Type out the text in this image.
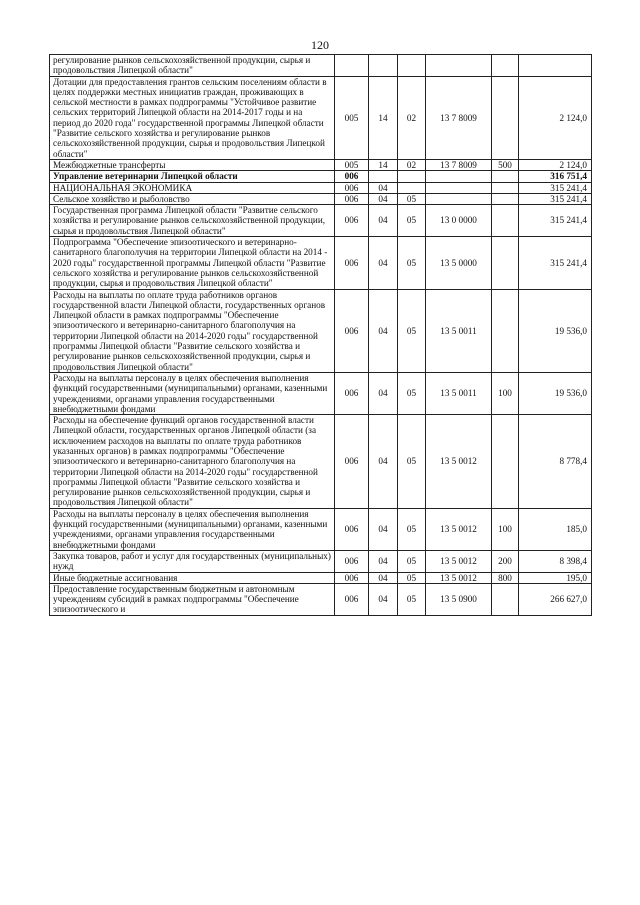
120
регулирование рынков сельскохозяйственной продукции, сырья и продовольствия Липецкой области"						
Дотации для предоставления грантов сельским поселениям области в целях поддержки местных инициатив граждан, проживающих в сельской местности в рамках подпрограммы "Устойчивое развитие сельских территорий Липецкой области на 2014-2017 годы и на период до 2020 года" государственной программы Липецкой области "Развитие сельского хозяйства и регулирование рынков сельскохозяйственной продукции, сырья и продовольствия Липецкой области"	005	14	02	13 7 8009		2 124,0
Межбюджетные трансферты	005	14	02	13 7 8009	500	2 124,0
Управление ветеринарии Липецкой области	006					316 751,4
НАЦИОНАЛЬНАЯ ЭКОНОМИКА	006	04				315 241,4
Сельское хозяйство и рыболовство	006	04	05			315 241,4
Государственная программа Липецкой области "Развитие сельского хозяйства и регулирование рынков сельскохозяйственной продукции, сырья и продовольствия Липецкой области"	006	04	05	13 0 0000		315 241,4
Подпрограмма "Обеспечение эпизоотического и ветеринарно-санитарного благополучия на территории Липецкой области на 2014 - 2020 годы" государственной программы Липецкой области "Развитие сельского хозяйства и регулирование рынков сельскохозяйственной продукции, сырья и продовольствия Липецкой области"	006	04	05	13 5 0000		315 241,4
Расходы на выплаты по оплате труда работников органов государственной власти Липецкой области, государственных органов Липецкой области в рамках подпрограммы "Обеспечение эпизоотического и ветеринарно-санитарного благополучия на территории Липецкой области на 2014-2020 годы" государственной программы Липецкой области "Развитие сельского хозяйства и регулирование рынков сельскохозяйственной продукции, сырья и продовольствия Липецкой области"	006	04	05	13 5 0011		19 536,0
Расходы на выплаты персоналу в целях обеспечения выполнения функций государственными (муниципальными) органами, казенными учреждениями, органами управления государственными внебюджетными фондами	006	04	05	13 5 0011	100	19 536,0
Расходы на обеспечение функций органов государственной власти Липецкой области, государственных органов Липецкой области (за исключением расходов на выплаты по оплате труда работников указанных органов) в рамках подпрограммы "Обеспечение эпизоотического и ветеринарно-санитарного благополучия на территории Липецкой области на 2014-2020 годы" государственной программы Липецкой области "Развитие сельского хозяйства и регулирование рынков сельскохозяйственной продукции, сырья и продовольствия Липецкой области"	006	04	05	13 5 0012		8 778,4
Расходы на выплаты персоналу в целях обеспечения выполнения функций государственными (муниципальными) органами, казенными учреждениями, органами управления государственными внебюджетными фондами	006	04	05	13 5 0012	100	185,0
Закупка товаров, работ и услуг для государственных (муниципальных) нужд	006	04	05	13 5 0012	200	8 398,4
Иные бюджетные ассигнования	006	04	05	13 5 0012	800	195,0
Предоставление государственным бюджетным и автономным учреждениям субсидий в рамках подпрограммы "Обеспечение эпизоотического и	006	04	05	13 5 0900		266 627,0
